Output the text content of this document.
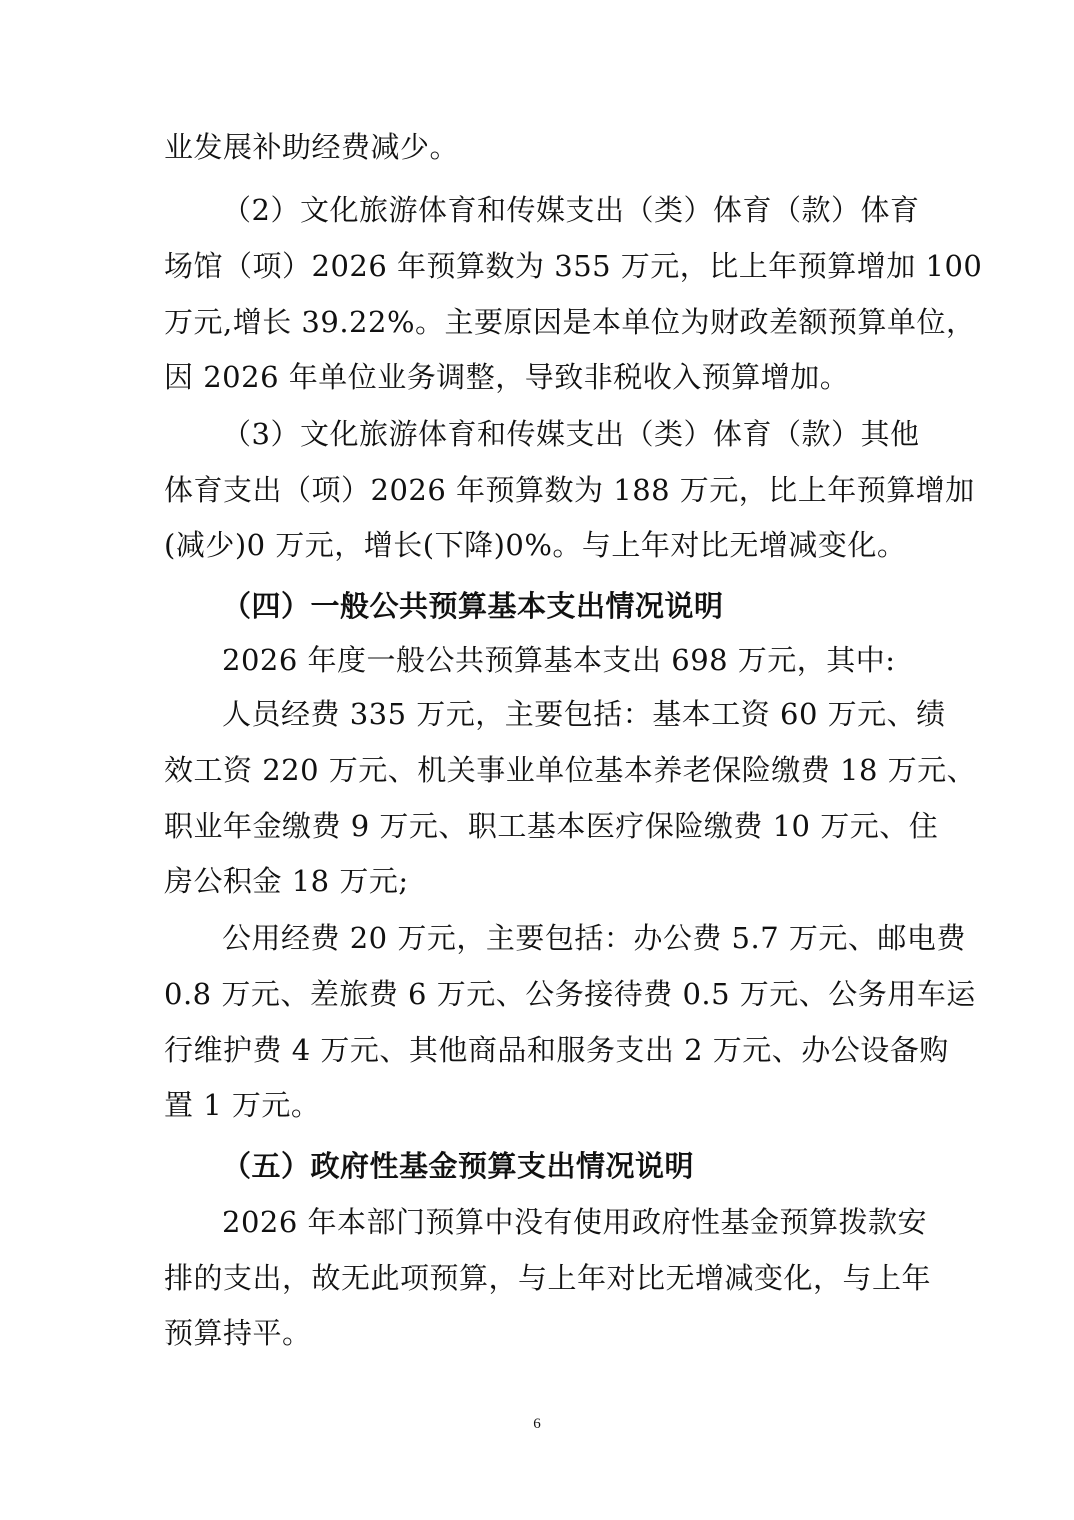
业发展补助经费减少。
（2）文化旅游体育和传媒支出（类）体育（款）体育
场馆（项）2026 年预算数为 355 万元，比上年预算增加 100
万元,增长 39.22%。主要原因是本单位为财政差额预算单位，
因 2026 年单位业务调整，导致非税收入预算增加。
（3）文化旅游体育和传媒支出（类）体育（款）其他
体育支出（项）2026 年预算数为 188 万元，比上年预算增加
(减少)0 万元，增长(下降)0%。与上年对比无增减变化。
（四）一般公共预算基本支出情况说明
2026 年度一般公共预算基本支出 698 万元，其中:
人员经费 335 万元，主要包括：基本工资 60 万元、绩
效工资 220 万元、机关事业单位基本养老保险缴费 18 万元、
职业年金缴费 9 万元、职工基本医疗保险缴费 10 万元、住
房公积金 18 万元;
公用经费 20 万元，主要包括：办公费 5.7 万元、邮电费
0.8 万元、差旅费 6 万元、公务接待费 0.5 万元、公务用车运
行维护费 4 万元、其他商品和服务支出 2 万元、办公设备购
置 1 万元。
（五）政府性基金预算支出情况说明
2026 年本部门预算中没有使用政府性基金预算拨款安
排的支出，故无此项预算，与上年对比无增减变化，与上年
预算持平。
6
